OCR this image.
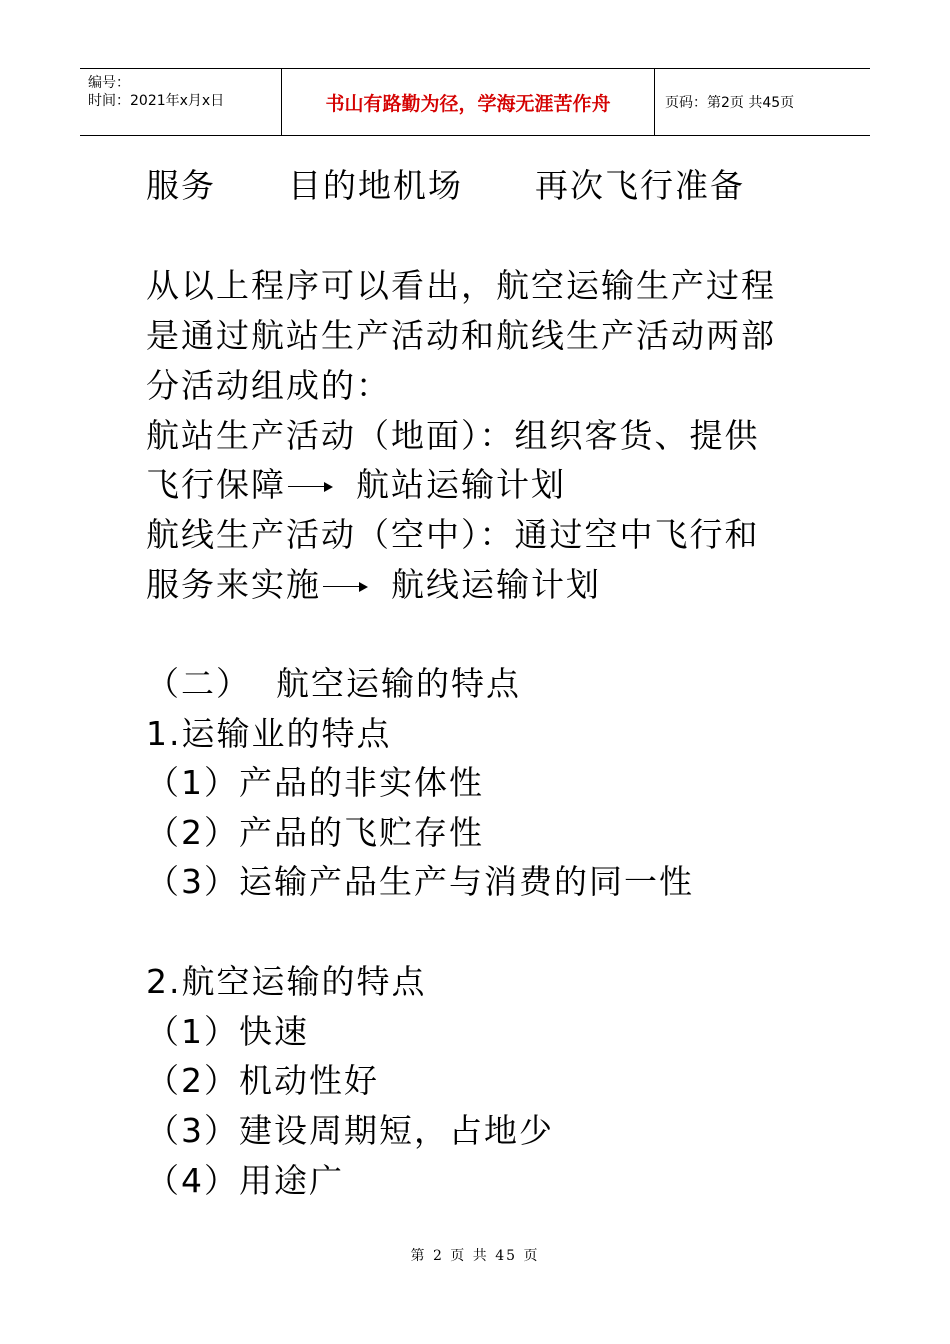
编号：
时间：2021年x月x日	书山有路勤为径，学海无涯苦作舟	页码：第2页 共45页
服务 目的地机场 再次飞行准备
从以上程序可以看出，航空运输生产过程
是通过航站生产活动和航线生产活动两部
分活动组成的：
航站生产活动（地面）：组织客货、提供
飞行保障 航站运输计划
航线生产活动（空中）：通过空中飞行和
服务来实施 航线运输计划
（二）  航空运输的特点
1.运输业的特点
（1）产品的非实体性
（2）产品的飞贮存性
（3）运输产品生产与消费的同一性
2.航空运输的特点
（1）快速
（2）机动性好
（3）建设周期短，占地少
（4）用途广
第 2 页 共 45 页
